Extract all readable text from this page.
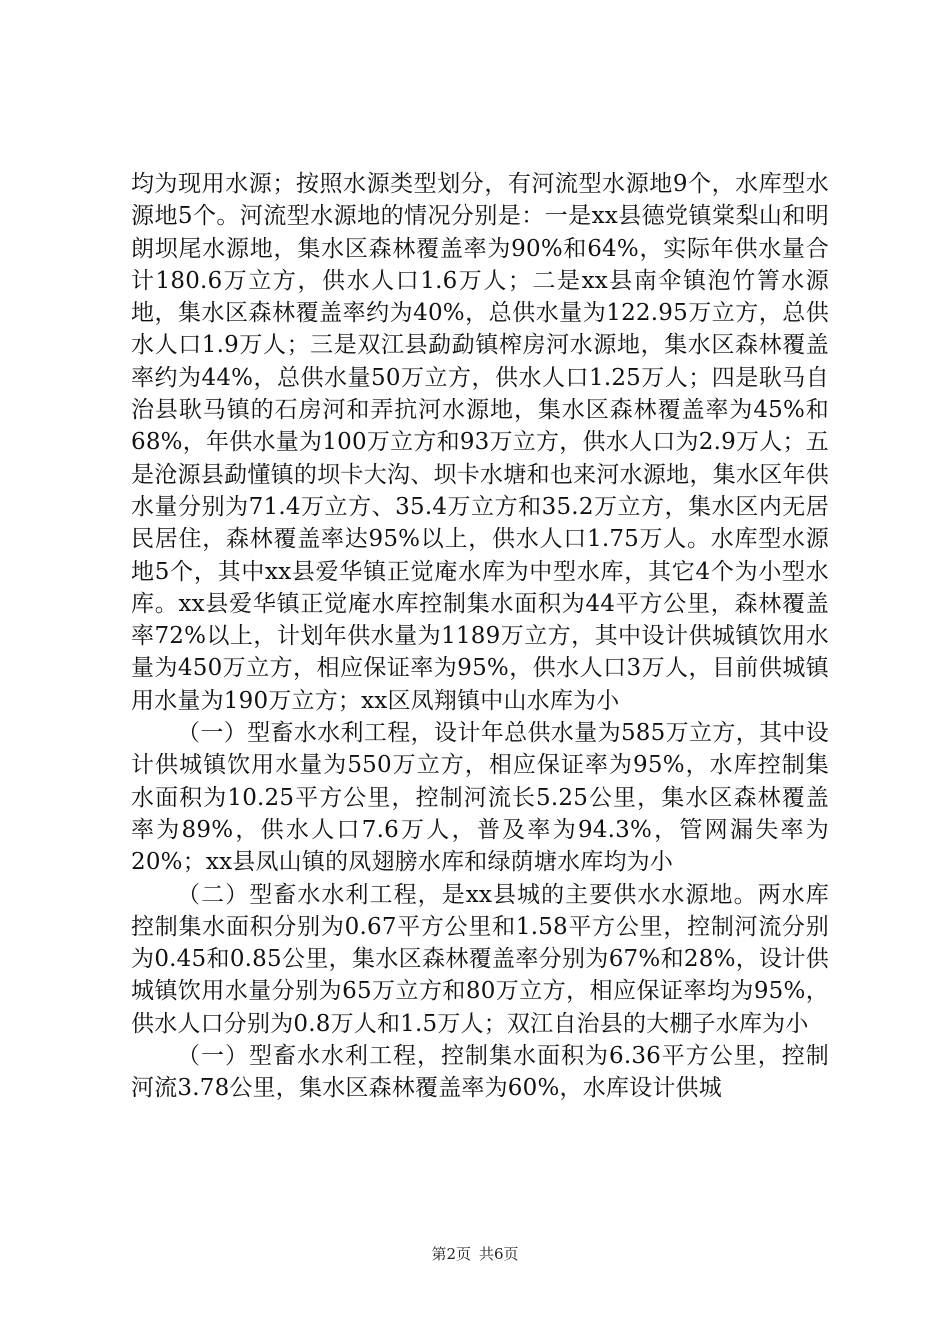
均为现用水源；按照水源类型划分，有河流型水源地9个，水库型水源地5个。河流型水源地的情况分别是：一是xx县德党镇棠梨山和明朗坝尾水源地，集水区森林覆盖率为90%和64%，实际年供水量合计180.6万立方，供水人口1.6万人；二是xx县南伞镇泡竹箐水源地，集水区森林覆盖率约为40%，总供水量为122.95万立方，总供水人口1.9万人；三是双江县勐勐镇榨房河水源地，集水区森林覆盖率约为44%，总供水量50万立方，供水人口1.25万人；四是耿马自治县耿马镇的石房河和弄抗河水源地，集水区森林覆盖率为45%和68%，年供水量为100万立方和93万立方，供水人口为2.9万人；五是沧源县勐懂镇的坝卡大沟、坝卡水塘和也来河水源地，集水区年供水量分别为71.4万立方、35.4万立方和35.2万立方，集水区内无居民居住，森林覆盖率达95%以上，供水人口1.75万人。水库型水源地5个，其中xx县爱华镇正觉庵水库为中型水库，其它4个为小型水库。xx县爱华镇正觉庵水库控制集水面积为44平方公里，森林覆盖率72%以上，计划年供水量为1189万立方，其中设计供城镇饮用水量为450万立方，相应保证率为95%，供水人口3万人，目前供城镇用水量为190万立方；xx区凤翔镇中山水库为小

（一）型畜水水利工程，设计年总供水量为585万立方，其中设计供城镇饮用水量为550万立方，相应保证率为95%，水库控制集水面积为10.25平方公里，控制河流长5.25公里，集水区森林覆盖率为89%，供水人口7.6万人，普及率为94.3%，管网漏失率为20%；xx县凤山镇的凤翅膀水库和绿荫塘水库均为小

（二）型畜水水利工程，是xx县城的主要供水水源地。两水库控制集水面积分别为0.67平方公里和1.58平方公里，控制河流分别为0.45和0.85公里，集水区森林覆盖率分别为67%和28%，设计供城镇饮用水量分别为65万立方和80万立方，相应保证率均为95%，供水人口分别为0.8万人和1.5万人；双江自治县的大棚子水库为小

（一）型畜水水利工程，控制集水面积为6.36平方公里，控制河流3.78公里，集水区森林覆盖率为60%，水库设计供城

第2页 共6页
